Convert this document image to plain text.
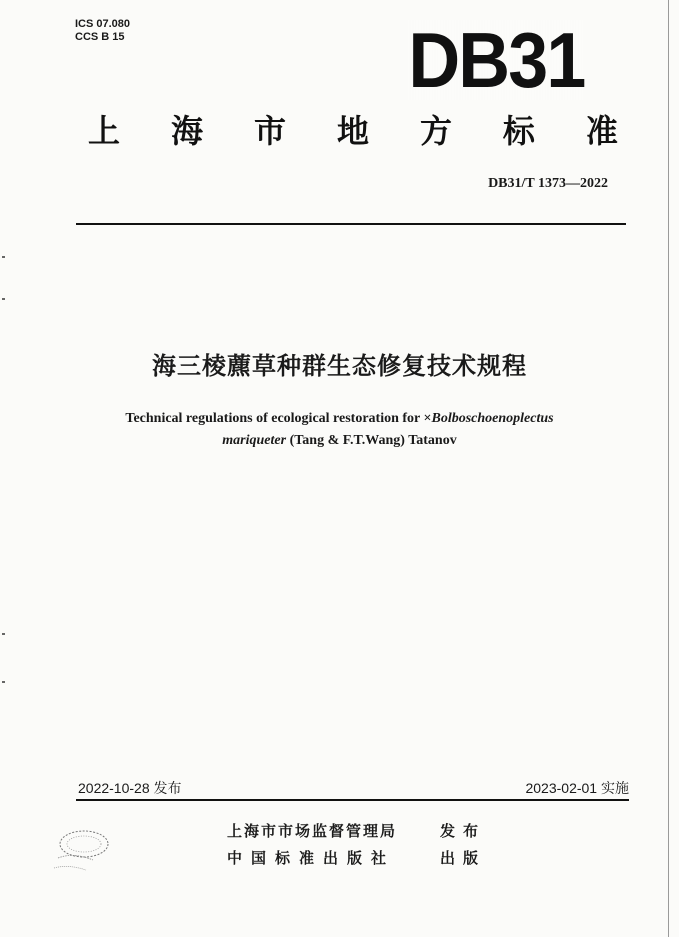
ICS 07.080
CCS B 15	DB31
上 海 市 地 方 标 准
DB31/T 1373—2022
海三棱藨草种群生态修复技术规程
Technical regulations of ecological restoration for ×Bolboschoenoplectus
mariqueter (Tang & F.T.Wang) Tatanov
2022-10-28 发布	2023-02-01 实施
上海市市场监督管理局	发布
中国标准出版社	出版
